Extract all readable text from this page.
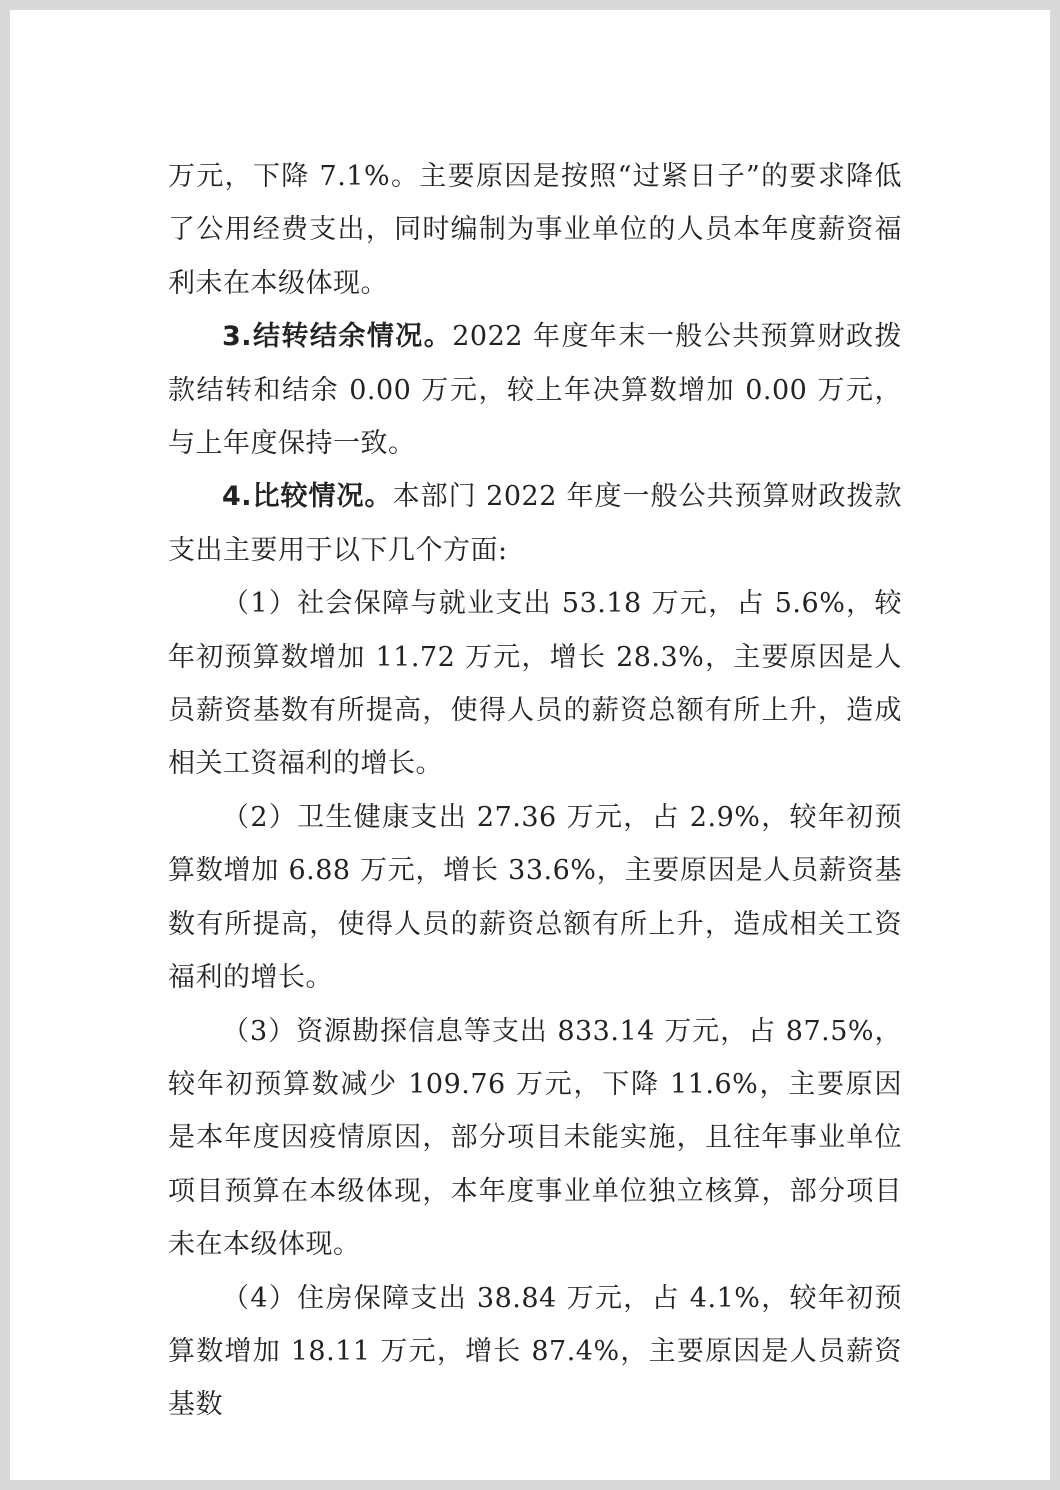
万元，下降 7.1%。主要原因是按照“过紧日子”的要求降低了公用经费支出，同时编制为事业单位的人员本年度薪资福利未在本级体现。

3.结转结余情况。2022 年度年末一般公共预算财政拨款结转和结余 0.00 万元，较上年决算数增加 0.00 万元，与上年度保持一致。

4.比较情况。本部门 2022 年度一般公共预算财政拨款支出主要用于以下几个方面:

（1）社会保障与就业支出 53.18 万元，占 5.6%，较年初预算数增加 11.72 万元，增长 28.3%，主要原因是人员薪资基数有所提高，使得人员的薪资总额有所上升，造成相关工资福利的增长。

（2）卫生健康支出 27.36 万元，占 2.9%，较年初预算数增加 6.88 万元，增长 33.6%，主要原因是人员薪资基数有所提高，使得人员的薪资总额有所上升，造成相关工资福利的增长。

（3）资源勘探信息等支出 833.14 万元，占 87.5%，较年初预算数减少 109.76 万元，下降 11.6%，主要原因是本年度因疫情原因，部分项目未能实施，且往年事业单位项目预算在本级体现，本年度事业单位独立核算，部分项目未在本级体现。

（4）住房保障支出 38.84 万元，占 4.1%，较年初预算数增加 18.11 万元，增长 87.4%，主要原因是人员薪资基数
